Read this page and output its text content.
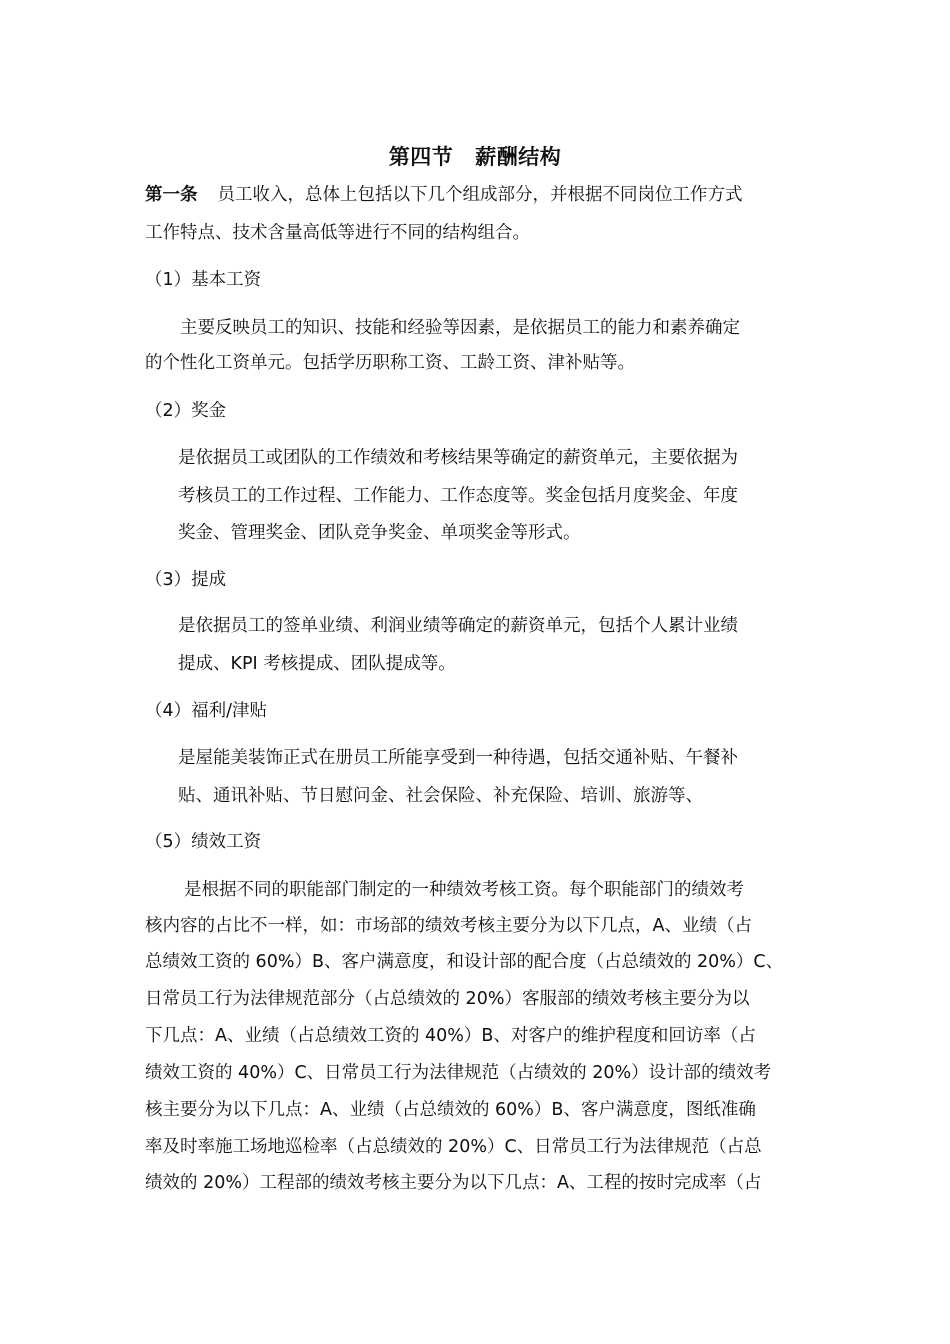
第四节 薪酬结构
第一条 员工收入，总体上包括以下几个组成部分，并根据不同岗位工作方式
工作特点、技术含量高低等进行不同的结构组合。
（1）基本工资
主要反映员工的知识、技能和经验等因素，是依据员工的能力和素养确定
的个性化工资单元。包括学历职称工资、工龄工资、津补贴等。
（2）奖金
是依据员工或团队的工作绩效和考核结果等确定的薪资单元，主要依据为
考核员工的工作过程、工作能力、工作态度等。奖金包括月度奖金、年度
奖金、管理奖金、团队竞争奖金、单项奖金等形式。
（3）提成
是依据员工的签单业绩、利润业绩等确定的薪资单元，包括个人累计业绩
提成、KPI 考核提成、团队提成等。
（4）福利/津贴
是屋能美装饰正式在册员工所能享受到一种待遇，包括交通补贴、午餐补
贴、通讯补贴、节日慰问金、社会保险、补充保险、培训、旅游等、
（5）绩效工资
是根据不同的职能部门制定的一种绩效考核工资。每个职能部门的绩效考
核内容的占比不一样，如：市场部的绩效考核主要分为以下几点，A、业绩（占
总绩效工资的 60%）B、客户满意度，和设计部的配合度（占总绩效的 20%）C、
日常员工行为法律规范部分（占总绩效的 20%）客服部的绩效考核主要分为以
下几点：A、业绩（占总绩效工资的 40%）B、对客户的维护程度和回访率（占
绩效工资的 40%）C、日常员工行为法律规范（占绩效的 20%）设计部的绩效考
核主要分为以下几点：A、业绩（占总绩效的 60%）B、客户满意度，图纸准确
率及时率施工场地巡检率（占总绩效的 20%）C、日常员工行为法律规范（占总
绩效的 20%）工程部的绩效考核主要分为以下几点：A、工程的按时完成率（占
